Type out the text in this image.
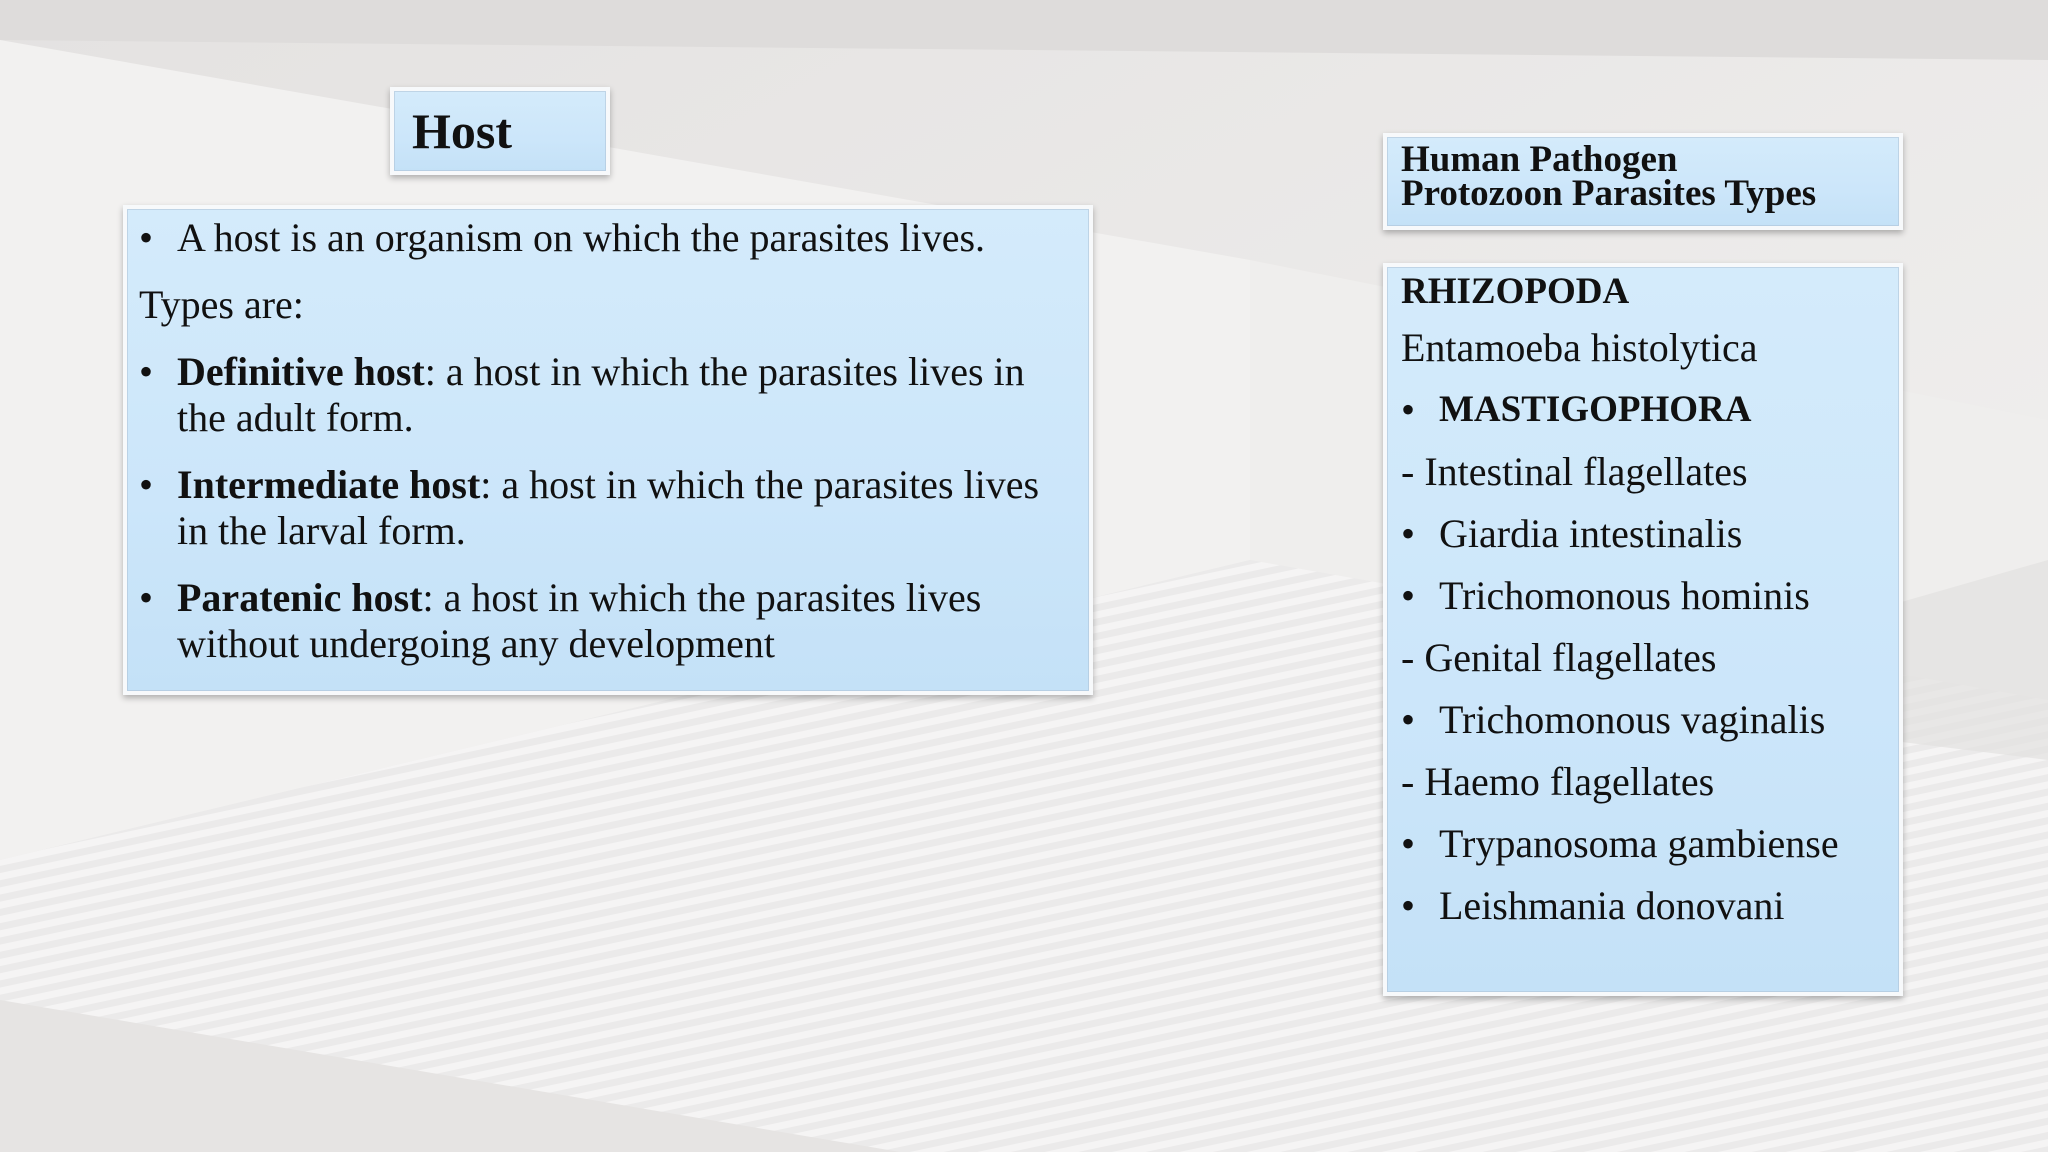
Host
• A host is an organism on which the parasites lives.
Types are:
• Definitive host: a host in which the parasites lives in the adult form.
• Intermediate host: a host in which the parasites lives in the larval form.
• Paratenic host: a host in which the parasites lives without undergoing any development
Human Pathogen
Protozoon Parasites Types
RHIZOPODA
Entamoeba histolytica
• MASTIGOPHORA
- Intestinal flagellates
• Giardia intestinalis
• Trichomonous hominis
- Genital flagellates
• Trichomonous vaginalis
- Haemo flagellates
• Trypanosoma gambiense
• Leishmania donovani
